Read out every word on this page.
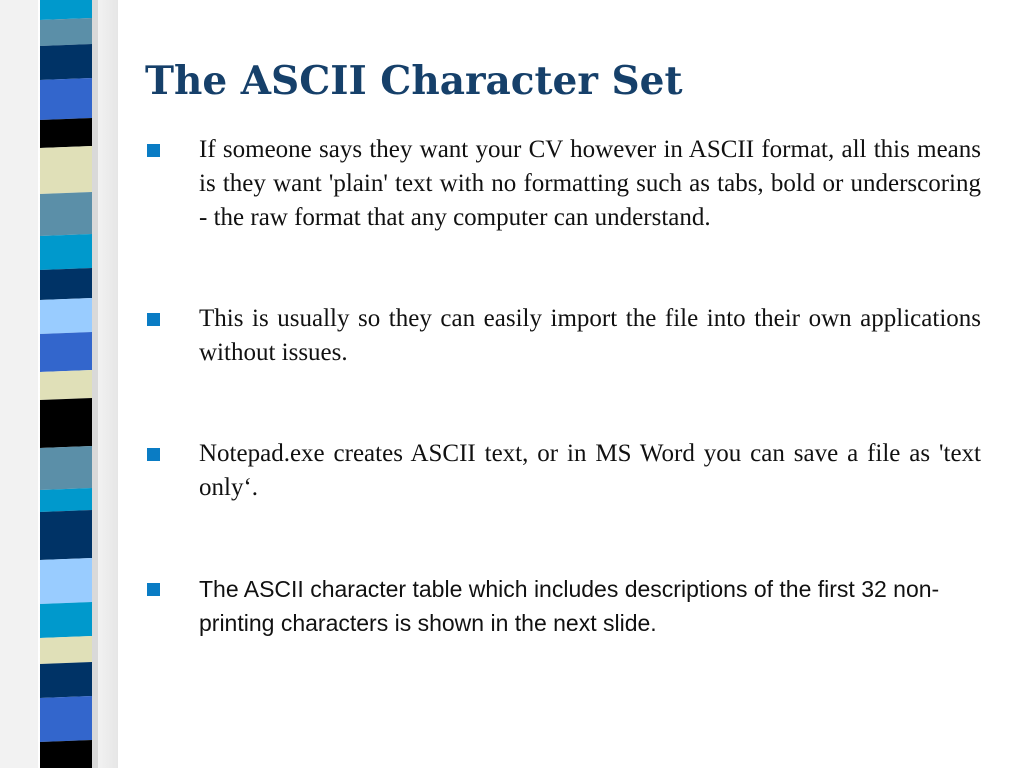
The ASCII Character Set
If someone says they want your CV however in ASCII format, all this means is they want 'plain' text with no formatting such as tabs, bold or underscoring - the raw format that any computer can understand.
This is usually so they can easily import the file into their own applications without issues.
Notepad.exe creates ASCII text, or in MS Word you can save a file as 'text only‘.
The ASCII character table which includes descriptions of the first 32 non-printing characters is shown in the next slide.
